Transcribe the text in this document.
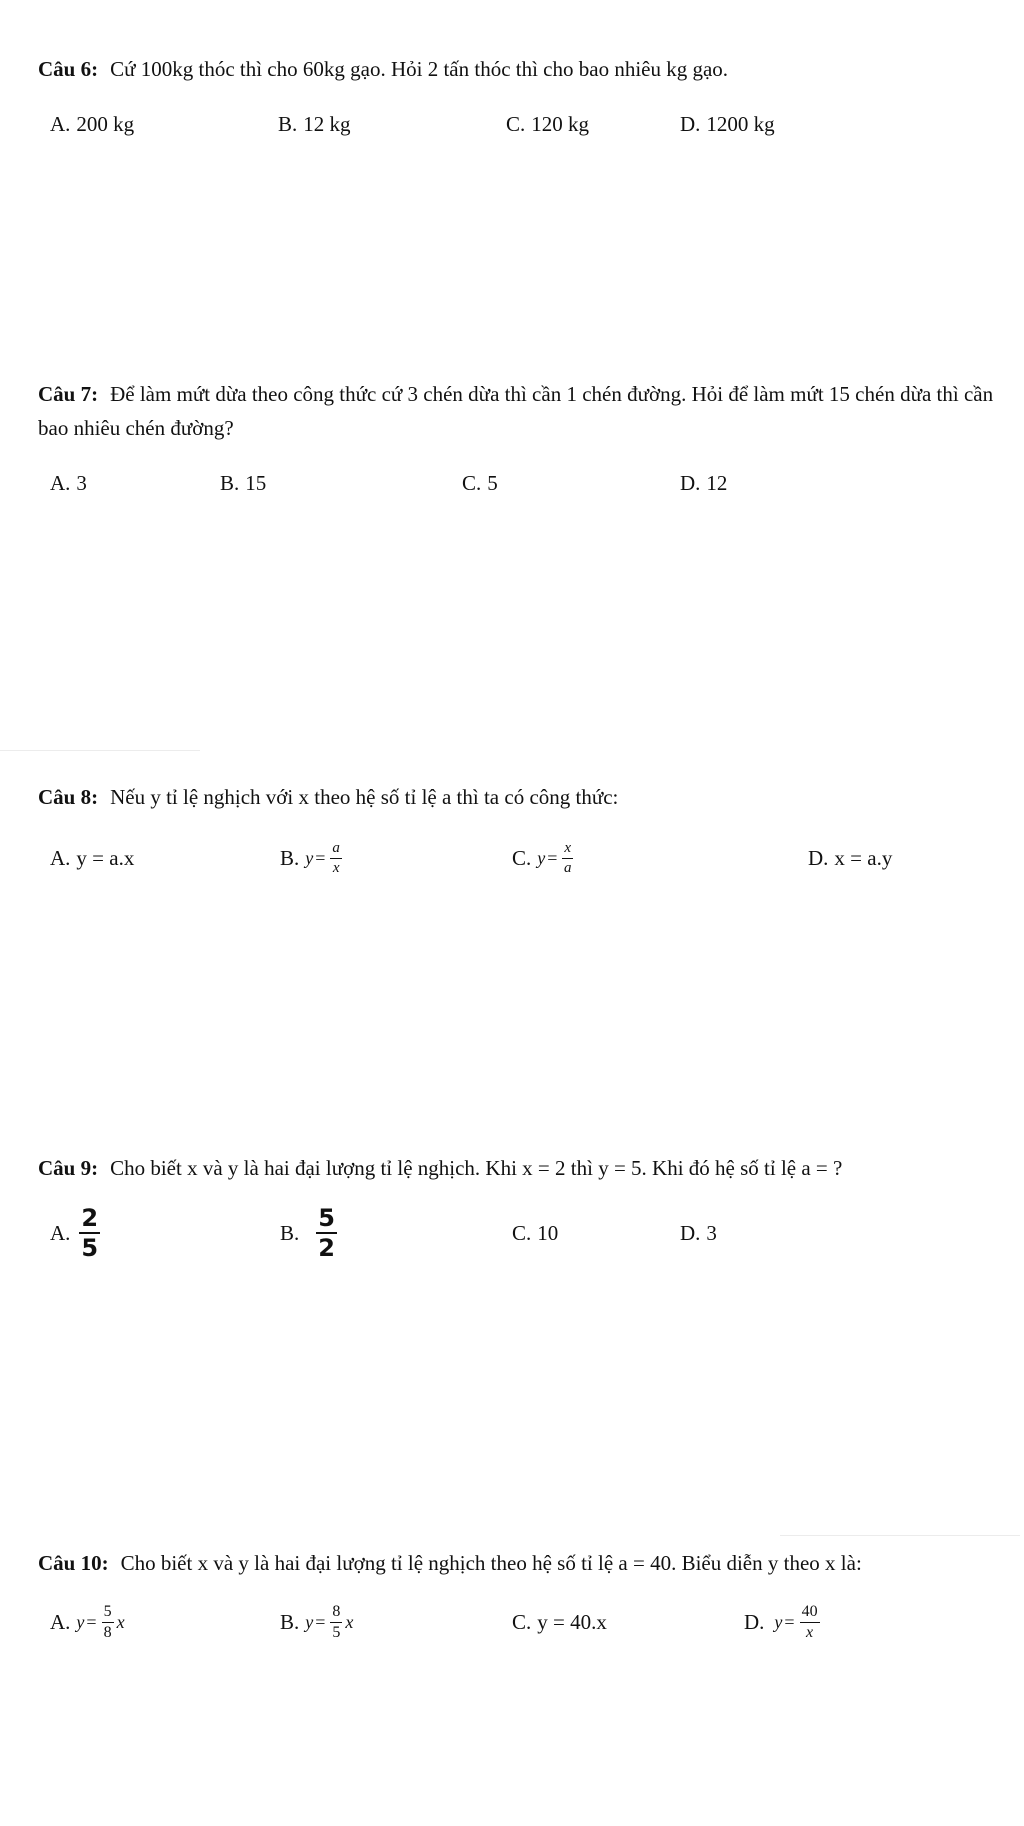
Câu 6: Cứ 100kg thóc thì cho 60kg gạo. Hỏi 2 tấn thóc thì cho bao nhiêu kg gạo.
A. 200 kg	B. 12 kg	C. 120 kg	D. 1200 kg
Câu 7: Để làm mứt dừa theo công thức cứ 3 chén dừa thì cần 1 chén đường. Hỏi để làm mứt 15 chén dừa thì cần bao nhiêu chén đường?
A. 3	B. 15	C. 5	D. 12
Câu 8: Nếu y tỉ lệ nghịch với x theo hệ số tỉ lệ a thì ta có công thức:
A. y = a.x	B. $y = \frac{a}{x}$	C. $y = \frac{x}{a}$	D. x = a.y
Câu 9: Cho biết x và y là hai đại lượng tỉ lệ nghịch. Khi x = 2 thì y = 5. Khi đó hệ số tỉ lệ a = ?
A. $\frac{2}{5}$	B. $\frac{5}{2}$	C. 10	D. 3
Câu 10: Cho biết x và y là hai đại lượng tỉ lệ nghịch theo hệ số tỉ lệ a = 40. Biểu diễn y theo x là:
A. $y = \frac{5}{8}$ x	B. $y = \frac{8}{5}$ x	C. y = 40.x	D. $y = \frac{40}{x}$
